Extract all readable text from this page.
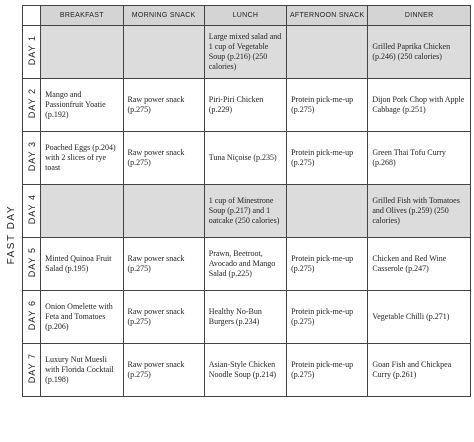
FAST DAY
	BREAKFAST	MORNING SNACK	LUNCH	AFTERNOON SNACK	DINNER
DAY 1			Large mixed salad and 1 cup of Vegetable Soup (p.216) (250 calories)		Grilled Paprika Chicken (p.246) (250 calories)
DAY 2	Mango and Passionfruit Yoatie (p.192)	Raw power snack (p.275)	Piri-Piri Chicken (p.229)	Protein pick-me-up (p.275)	Dijon Pork Chop with Apple Cabbage (p.251)
DAY 3	Poached Eggs (p.204) with 2 slices of rye toast	Raw power snack (p.275)	Tuna Niçoise (p.235)	Protein pick-me-up (p.275)	Green Thai Tofu Curry (p.268)
DAY 4			1 cup of Minestrone Soup (p.217) and 1 oatcake (250 calories)		Grilled Fish with Tomatoes and Olives (p.259) (250 calories)
DAY 5	Minted Quinoa Fruit Salad (p.195)	Raw power snack (p.275)	Prawn, Beetroot, Avocado and Mango Salad (p.225)	Protein pick-me-up (p.275)	Chicken and Red Wine Casserole (p.247)
DAY 6	Onion Omelette with Feta and Tomatoes (p.206)	Raw power snack (p.275)	Healthy No-Bun Burgers (p.234)	Protein pick-me-up (p.275)	Vegetable Chilli (p.271)
DAY 7	Luxury Nut Muesli with Florida Cocktail (p.198)	Raw power snack (p.275)	Asian-Style Chicken Noodle Soup (p.214)	Protein pick-me-up (p.275)	Goan Fish and Chickpea Curry (p.261)
